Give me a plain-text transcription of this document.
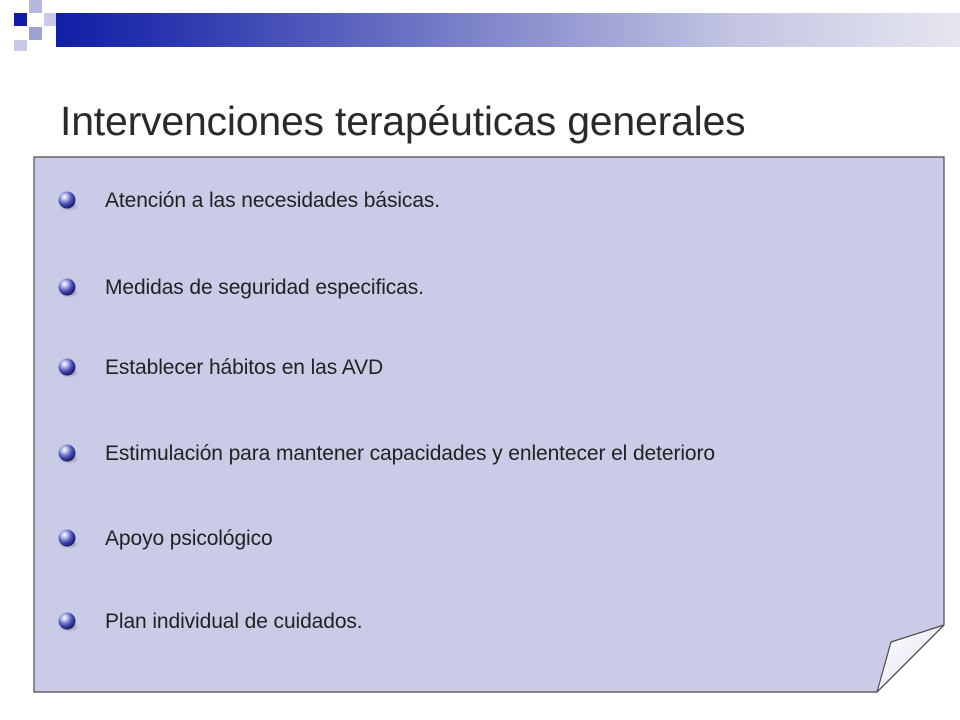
Intervenciones terapéuticas generales
Atención a las necesidades básicas.
Medidas de seguridad especificas.
Establecer hábitos en las AVD
Estimulación para mantener capacidades y enlentecer el deterioro
Apoyo psicológico
Plan individual de cuidados.
